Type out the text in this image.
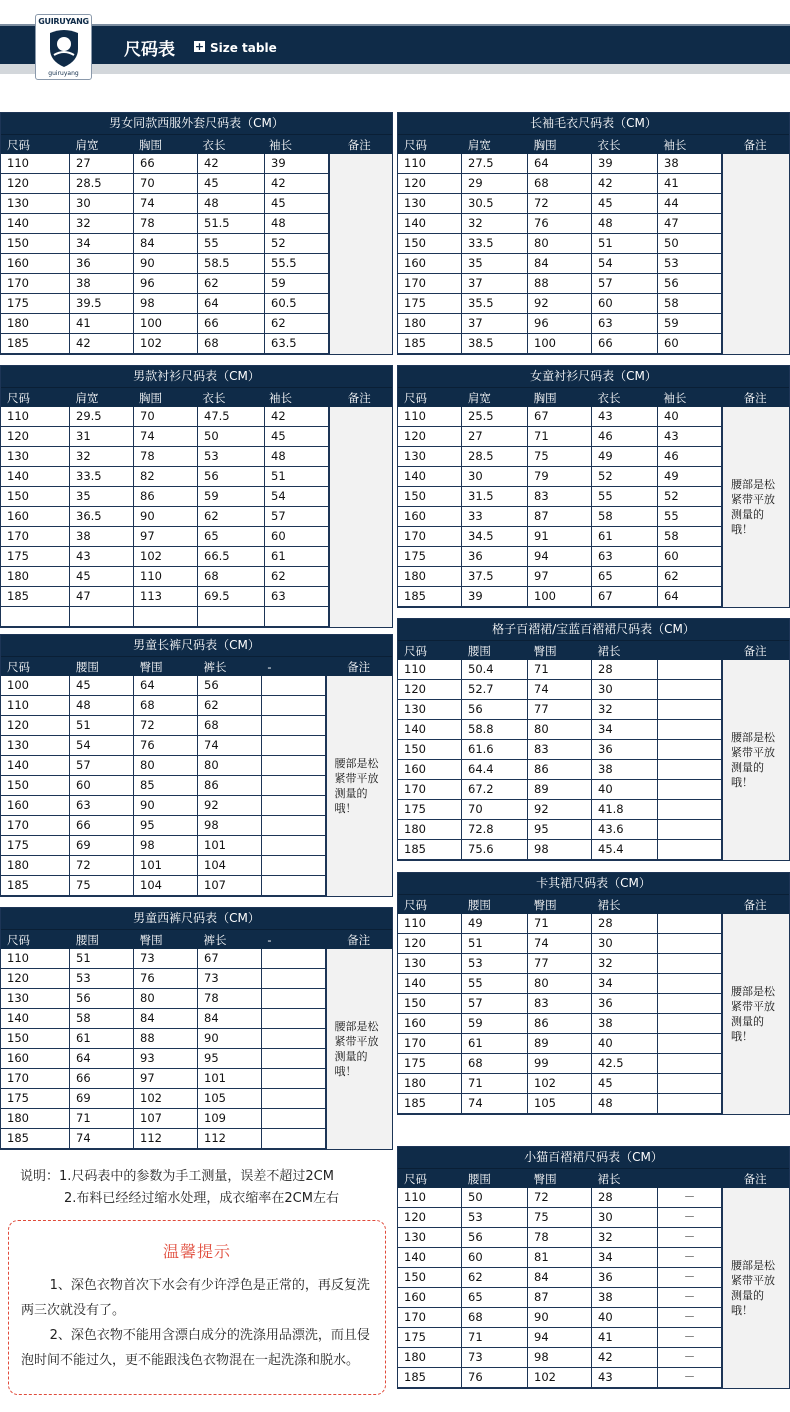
GUIRUYANG
guiruyang
尺码表 + Size table
男女同款西服外套尺码表（CM）
尺码	肩宽	胸围	衣长	袖长	备注
110	27	66	42	39
120	28.5	70	45	42
130	30	74	48	45
140	32	78	51.5	48
150	34	84	55	52
160	36	90	58.5	55.5
170	38	96	62	59
175	39.5	98	64	60.5
180	41	100	66	62
185	42	102	68	63.5
长袖毛衣尺码表（CM）
尺码	肩宽	胸围	衣长	袖长	备注
110	27.5	64	39	38
120	29	68	42	41
130	30.5	72	45	44
140	32	76	48	47
150	33.5	80	51	50
160	35	84	54	53
170	37	88	57	56
175	35.5	92	60	58
180	37	96	63	59
185	38.5	100	66	60
男款衬衫尺码表（CM）
尺码	肩宽	胸围	衣长	袖长	备注
110	29.5	70	47.5	42
120	31	74	50	45
130	32	78	53	48
140	33.5	82	56	51
150	35	86	59	54
160	36.5	90	62	57
170	38	97	65	60
175	43	102	66.5	61
180	45	110	68	62
185	47	113	69.5	63
女童衬衫尺码表（CM）
尺码	肩宽	胸围	衣长	袖长	备注
110	25.5	67	43	40
120	27	71	46	43
130	28.5	75	49	46
140	30	79	52	49
150	31.5	83	55	52
160	33	87	58	55
170	34.5	91	61	58
175	36	94	63	60
180	37.5	97	65	62
185	39	100	67	64
腰部是松紧带平放测量的哦！
男童长裤尺码表（CM）
尺码	腰围	臀围	裤长	-	备注
100	45	64	56
110	48	68	62
120	51	72	68
130	54	76	74
140	57	80	80
150	60	85	86
160	63	90	92
170	66	95	98
175	69	98	101
180	72	101	104
185	75	104	107
腰部是松紧带平放测量的哦！
格子百褶裙/宝蓝百褶裙尺码表（CM）
尺码	腰围	臀围	裙长	备注
110	50.4	71	28
120	52.7	74	30
130	56	77	32
140	58.8	80	34
150	61.6	83	36
160	64.4	86	38
170	67.2	89	40
175	70	92	41.8
180	72.8	95	43.6
185	75.6	98	45.4
腰部是松紧带平放测量的哦！
卡其裙尺码表（CM）
尺码	腰围	臀围	裙长	备注
110	49	71	28
120	51	74	30
130	53	77	32
140	55	80	34
150	57	83	36
160	59	86	38
170	61	89	40
175	68	99	42.5
180	71	102	45
185	74	105	48
腰部是松紧带平放测量的哦！
男童西裤尺码表（CM）
尺码	腰围	臀围	裤长	-	备注
110	51	73	67
120	53	76	73
130	56	80	78
140	58	84	84
150	61	88	90
160	64	93	95
170	66	97	101
175	69	102	105
180	71	107	109
185	74	112	112
腰部是松紧带平放测量的哦！
小猫百褶裙尺码表（CM）
尺码	腰围	臀围	裙长	备注
110	50	72	28	－
120	53	75	30	－
130	56	78	32	－
140	60	81	34	－
150	62	84	36	－
160	65	87	38	－
170	68	90	40	－
175	71	94	41	－
180	73	98	42	－
185	76	102	43	－
腰部是松紧带平放测量的哦！
说明：1.尺码表中的参数为手工测量，误差不超过2CM
2.布料已经经过缩水处理，成衣缩率在2CM左右
温馨提示

1、深色衣物首次下水会有少许浮色是正常的，再反复洗两三次就没有了。

2、深色衣物不能用含漂白成分的洗涤用品漂洗，而且侵泡时间不能过久，更不能跟浅色衣物混在一起洗涤和脱水。
